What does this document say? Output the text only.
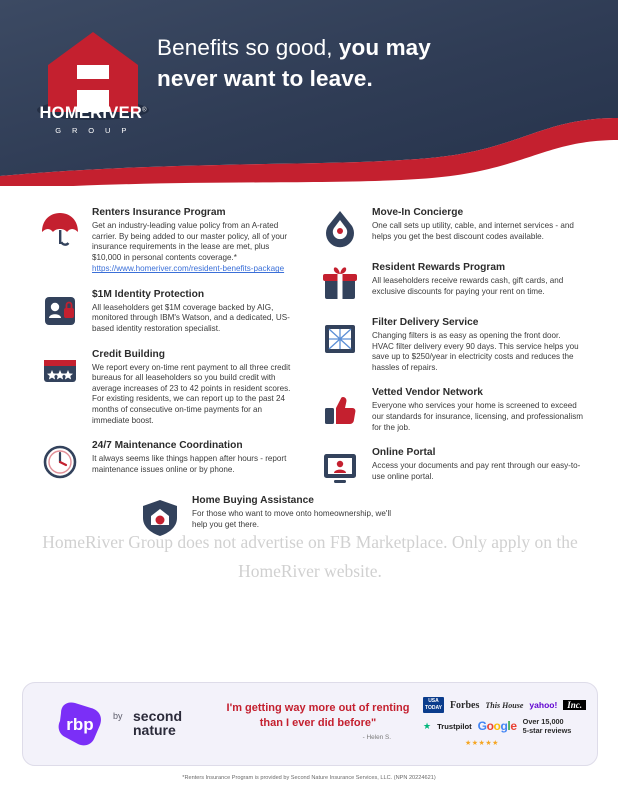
HOMERIVER®
G R O U P
Benefits so good, you may
never want to leave.

Renters Insurance Program

Get an industry-leading value policy from an A-rated carrier. By being added to our master policy, all of your insurance requirements in the lease are met, plus $10,000 in personal contents coverage.*

https://www.homeriver.com/resident-benefits-package

$1M Identity Protection

All leaseholders get $1M coverage backed by AIG, monitored through IBM's Watson, and a dedicated, US-based identity restoration specialist.

Credit Building

We report every on-time rent payment to all three credit bureaus for all leaseholders so you build credit with average increases of 23 to 42 points in resident scores. For existing residents, we can report up to the past 24 months of consecutive on-time payments for an immediate boost.

24/7 Maintenance Coordination

It always seems like things happen after hours - report maintenance issues online or by phone.

Home Buying Assistance

For those who want to move onto homeownership, we'll help you get there.

Move-In Concierge

One call sets up utility, cable, and internet services - and helps you get the best discount codes available.

Resident Rewards Program

All leaseholders receive rewards cash, gift cards, and exclusive discounts for paying your rent on time.

Filter Delivery Service

Changing filters is as easy as opening the front door. HVAC filter delivery every 90 days. This service helps you save up to $250/year in electricity costs and reduces the hassles of repairs.

Vetted Vendor Network

Everyone who services your home is screened to exceed our standards for insurance, licensing, and professionalism for the job.

Online Portal

Access your documents and pay rent through our easy-to-use online portal.

HomeRiver Group does not advertise on FB Marketplace. Only apply on the HomeRiver website.
rbp by second
nature
I'm getting way more out of renting than I ever did before"
- Helen S.
USA
TODAY Forbes This House yahoo!	Inc.
★ Trustpilot Google Over 15,000
5-star reviews
★★★★★
*Renters Insurance Program is provided by Second Nature Insurance Services, LLC. (NPN 20224621)
